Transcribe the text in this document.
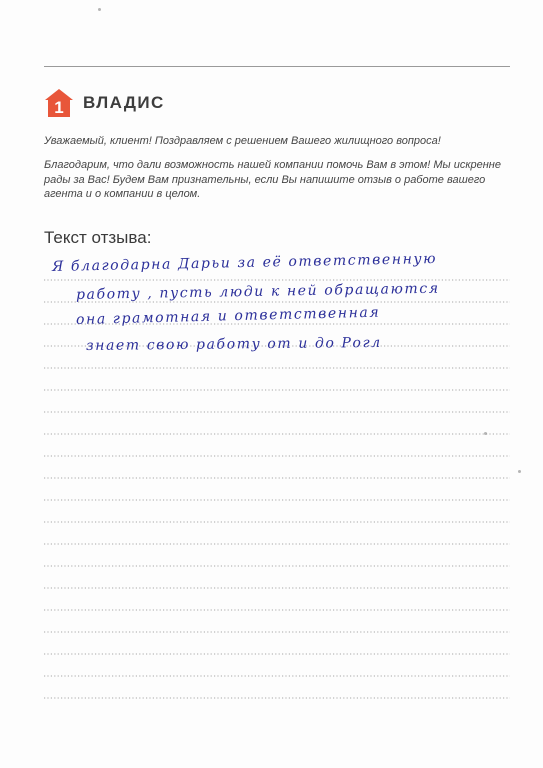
1 ВЛАДИС

Уважаемый, клиент! Поздравляем с решением Вашего жилищного вопроса!

Благодарим, что дали возможность нашей компании помочь Вам в этом! Мы искренне рады за Вас! Будем Вам признательны, если Вы напишите отзыв о работе вашего агента и о компании в целом.

Текст отзыва:
Я благодарна Дарьи за её ответственную
работу , пусть люди к ней обращаются
она грамотная и ответственная
знает свою работу от и до Рогл
